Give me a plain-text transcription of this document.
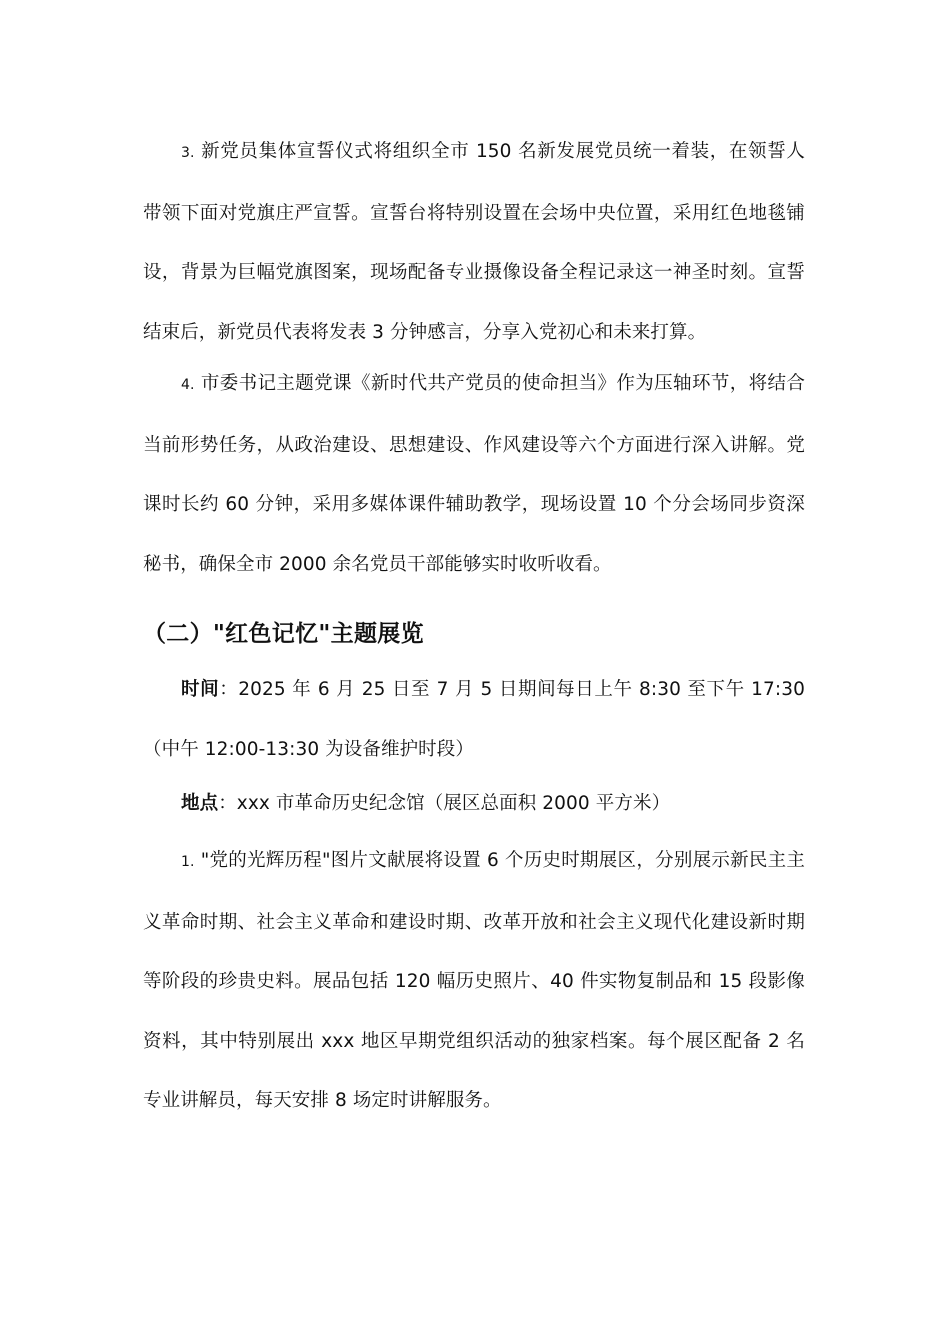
3. 新党员集体宣誓仪式将组织全市 150 名新发展党员统一着装，在领誓人带领下面对党旗庄严宣誓。宣誓台将特别设置在会场中央位置，采用红色地毯铺设，背景为巨幅党旗图案，现场配备专业摄像设备全程记录这一神圣时刻。宣誓结束后，新党员代表将发表 3 分钟感言，分享入党初心和未来打算。

4. 市委书记主题党课《新时代共产党员的使命担当》作为压轴环节，将结合当前形势任务，从政治建设、思想建设、作风建设等六个方面进行深入讲解。党课时长约 60 分钟，采用多媒体课件辅助教学，现场设置 10 个分会场同步资深秘书，确保全市 2000 余名党员干部能够实时收听收看。

（二）"红色记忆"主题展览

时间：2025 年 6 月 25 日至 7 月 5 日期间每日上午 8:30 至下午 17:30（中午 12:00-13:30 为设备维护时段）

地点：xxx 市革命历史纪念馆（展区总面积 2000 平方米）

1. "党的光辉历程"图片文献展将设置 6 个历史时期展区，分别展示新民主主义革命时期、社会主义革命和建设时期、改革开放和社会主义现代化建设新时期等阶段的珍贵史料。展品包括 120 幅历史照片、40 件实物复制品和 15 段影像资料，其中特别展出 xxx 地区早期党组织活动的独家档案。每个展区配备 2 名专业讲解员，每天安排 8 场定时讲解服务。
